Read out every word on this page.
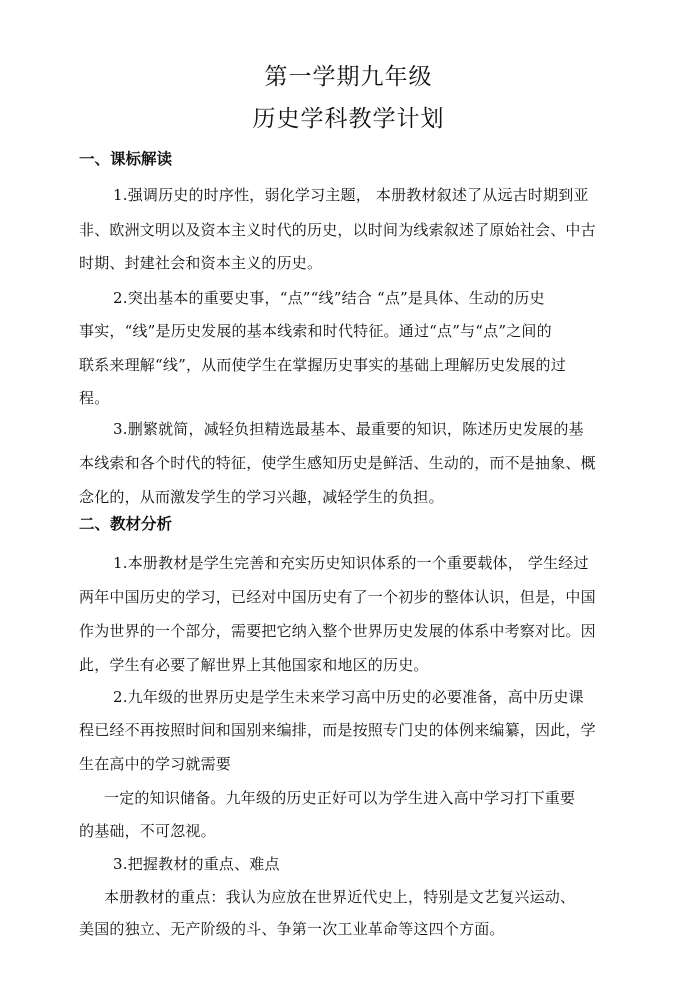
第一学期九年级
历史学科教学计划
一、课标解读
1.强调历史的时序性，弱化学习主题， 本册教材叙述了从远古时期到亚
非、欧洲文明以及资本主义时代的历史，以时间为线索叙述了原始社会、中古
时期、封建社会和资本主义的历史。
2.突出基本的重要史事，“点”“线”结合 “点”是具体、生动的历史
事实，“线”是历史发展的基本线索和时代特征。通过“点”与“点”之间的
联系来理解“线”，从而使学生在掌握历史事实的基础上理解历史发展的过
程。
3.删繁就简，减轻负担精选最基本、最重要的知识，陈述历史发展的基
本线索和各个时代的特征，使学生感知历史是鲜活、生动的，而不是抽象、概
念化的，从而激发学生的学习兴趣，减轻学生的负担。
二、教材分析
1.本册教材是学生完善和充实历史知识体系的一个重要载体， 学生经过
两年中国历史的学习，已经对中国历史有了一个初步的整体认识，但是，中国
作为世界的一个部分，需要把它纳入整个世界历史发展的体系中考察对比。因
此，学生有必要了解世界上其他国家和地区的历史。
2.九年级的世界历史是学生未来学习高中历史的必要准备，高中历史课
程已经不再按照时间和国别来编排，而是按照专门史的体例来编纂，因此，学
生在高中的学习就需要
一定的知识储备。九年级的历史正好可以为学生进入高中学习打下重要
的基础，不可忽视。
3.把握教材的重点、难点
本册教材的重点：我认为应放在世界近代史上，特别是文艺复兴运动、
美国的独立、无产阶级的斗、争第一次工业革命等这四个方面。
